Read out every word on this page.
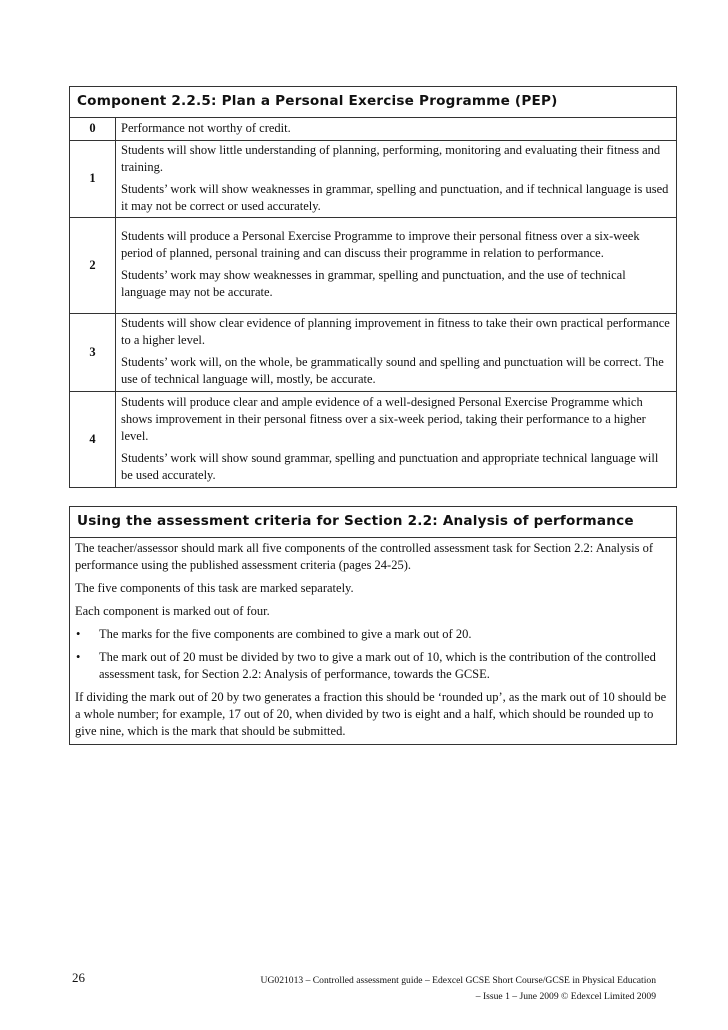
Component 2.2.5: Plan a Personal Exercise Programme (PEP)
0	Performance not worthy of credit.

1	Students will show little understanding of planning, performing, monitoring and evaluating their fitness and training.

Students’ work will show weaknesses in grammar, spelling and punctuation, and if technical language is used it may not be correct or used accurately.

2	Students will produce a Personal Exercise Programme to improve their personal fitness over a six-week period of planned, personal training and can discuss their programme in relation to performance.

Students’ work may show weaknesses in grammar, spelling and punctuation, and the use of technical language may not be accurate.

3	Students will show clear evidence of planning improvement in fitness to take their own practical performance to a higher level.

Students’ work will, on the whole, be grammatically sound and spelling and punctuation will be correct. The use of technical language will, mostly, be accurate.

4	Students will produce clear and ample evidence of a well-designed Personal Exercise Programme which shows improvement in their personal fitness over a six-week period, taking their performance to a higher level.

Students’ work will show sound grammar, spelling and punctuation and appropriate technical language will be used accurately.

Using the assessment criteria for Section 2.2: Analysis of performance

The teacher/assessor should mark all five components of the controlled assessment task for Section 2.2: Analysis of performance using the published assessment criteria (pages 24-25).

The five components of this task are marked separately.

Each component is marked out of four.

•	The marks for the five components are combined to give a mark out of 20.
•	The mark out of 20 must be divided by two to give a mark out of 10, which is the contribution of the controlled assessment task, for Section 2.2: Analysis of performance, towards the GCSE.

If dividing the mark out of 20 by two generates a fraction this should be ‘rounded up’, as the mark out of 10 should be a whole number; for example, 17 out of 20, when divided by two is eight and a half, which should be rounded up to give nine, which is the mark that should be submitted.

26	UG021013 – Controlled assessment guide – Edexcel GCSE Short Course/GCSE in Physical Education
– Issue 1 – June 2009 © Edexcel Limited 2009
